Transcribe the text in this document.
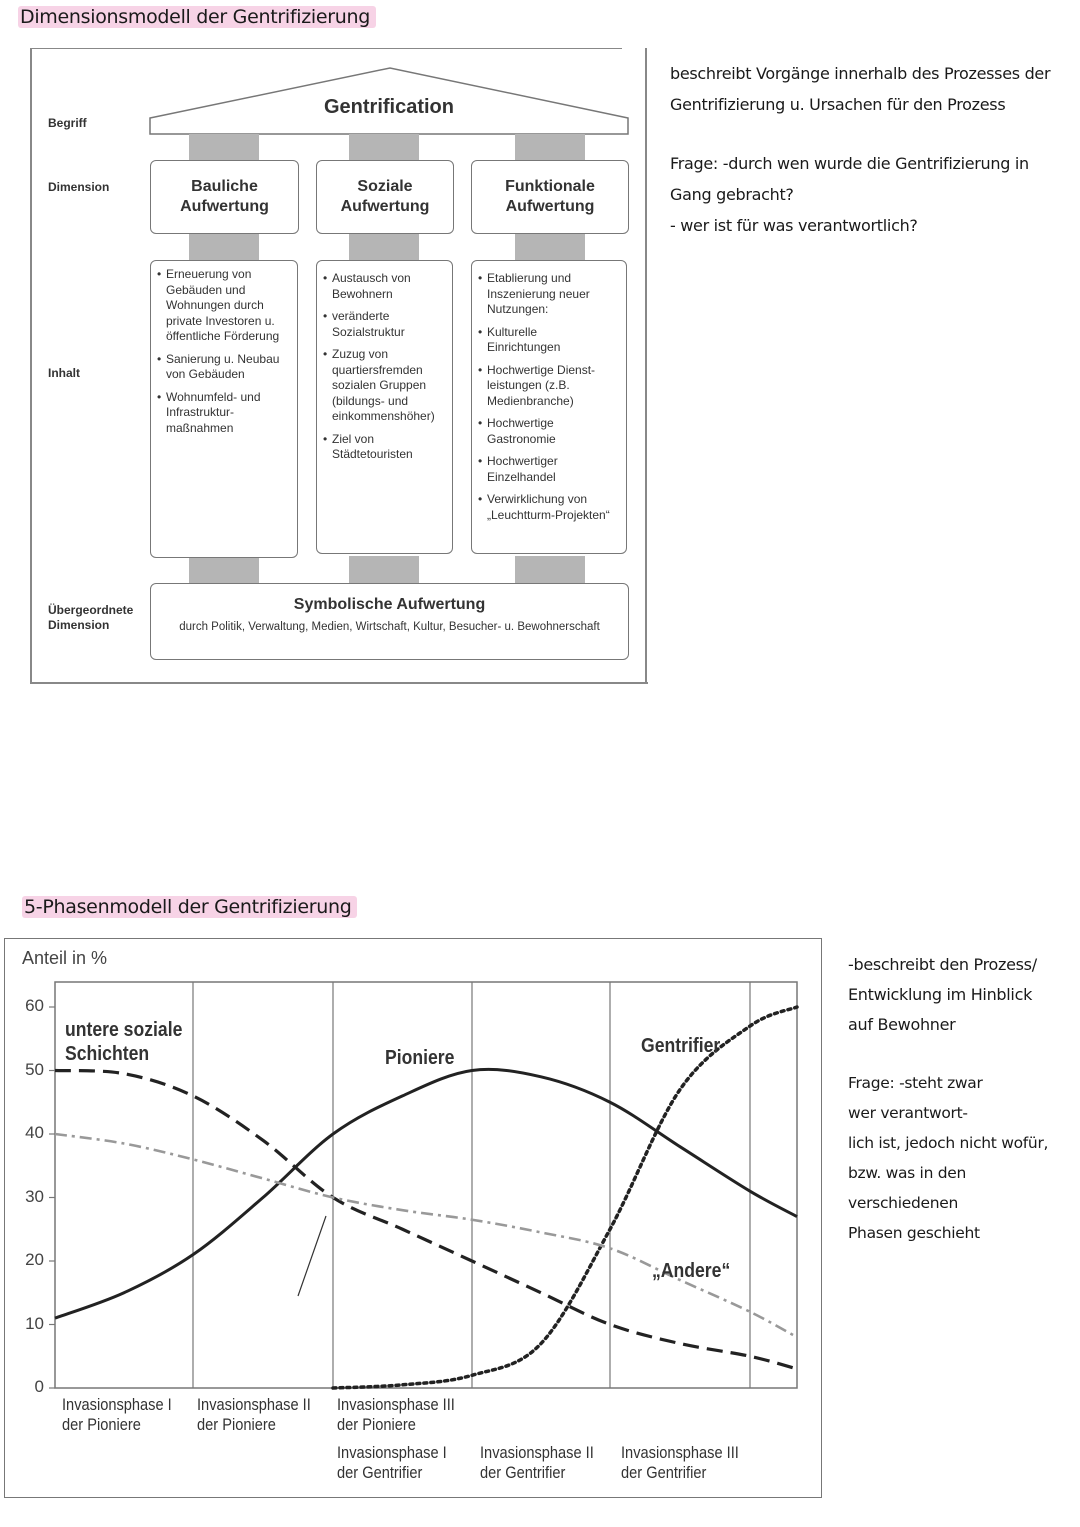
Dimensionsmodell der Gentrifizierung
Begriff
Dimension
Inhalt
Übergeordnete
Dimension
Gentrification
Bauliche
Aufwertung
Soziale
Aufwertung
Funktionale
Aufwertung
• Erneuerung von
Gebäuden und
Wohnungen durch
private Investoren u.
öffentliche Förderung
• Sanierung u. Neubau
von Gebäuden
• Wohnumfeld- und
Infrastruktur-
maßnahmen
• Austausch von
Bewohnern
• veränderte
Sozialstruktur
• Zuzug von
quartiersfremden
sozialen Gruppen
(bildungs- und
einkommenshöher)
• Ziel von
Städtetouristen
• Etablierung und
Inszenierung neuer
Nutzungen:
• Kulturelle
Einrichtungen
• Hochwertige Dienst-
leistungen (z.B.
Medienbranche)
• Hochwertige
Gastronomie
• Hochwertiger
Einzelhandel
• Verwirklichung von
„Leuchtturm-Projekten“
Symbolische Aufwertung
durch Politik, Verwaltung, Medien, Wirtschaft, Kultur, Besucher- u. Bewohnerschaft
beschreibt Vorgänge innerhalb des Prozesses der
Gentrifizierung u. Ursachen für den Prozess
Frage: -durch wen wurde die Gentrifizierung in
Gang gebracht?
- wer ist für was verantwortlich?
5-Phasenmodell der Gentrifizierung
Anteil in %
0
10
20
30
40
50
60
Invasionsphase I
der Pioniere
Invasionsphase II
der Pioniere
Invasionsphase III
der Pioniere
Invasionsphase I
der Gentrifier
Invasionsphase II
der Gentrifier
Invasionsphase III
der Gentrifier
untere soziale
Schichten	Pioniere
Gentrifier
„Andere“
-beschreibt den Prozess/
Entwicklung im Hinblick
auf Bewohner
Frage: -steht zwar
wer verantwort-
lich ist, jedoch nicht wofür,
bzw. was in den verschiedenen
Phasen geschieht
